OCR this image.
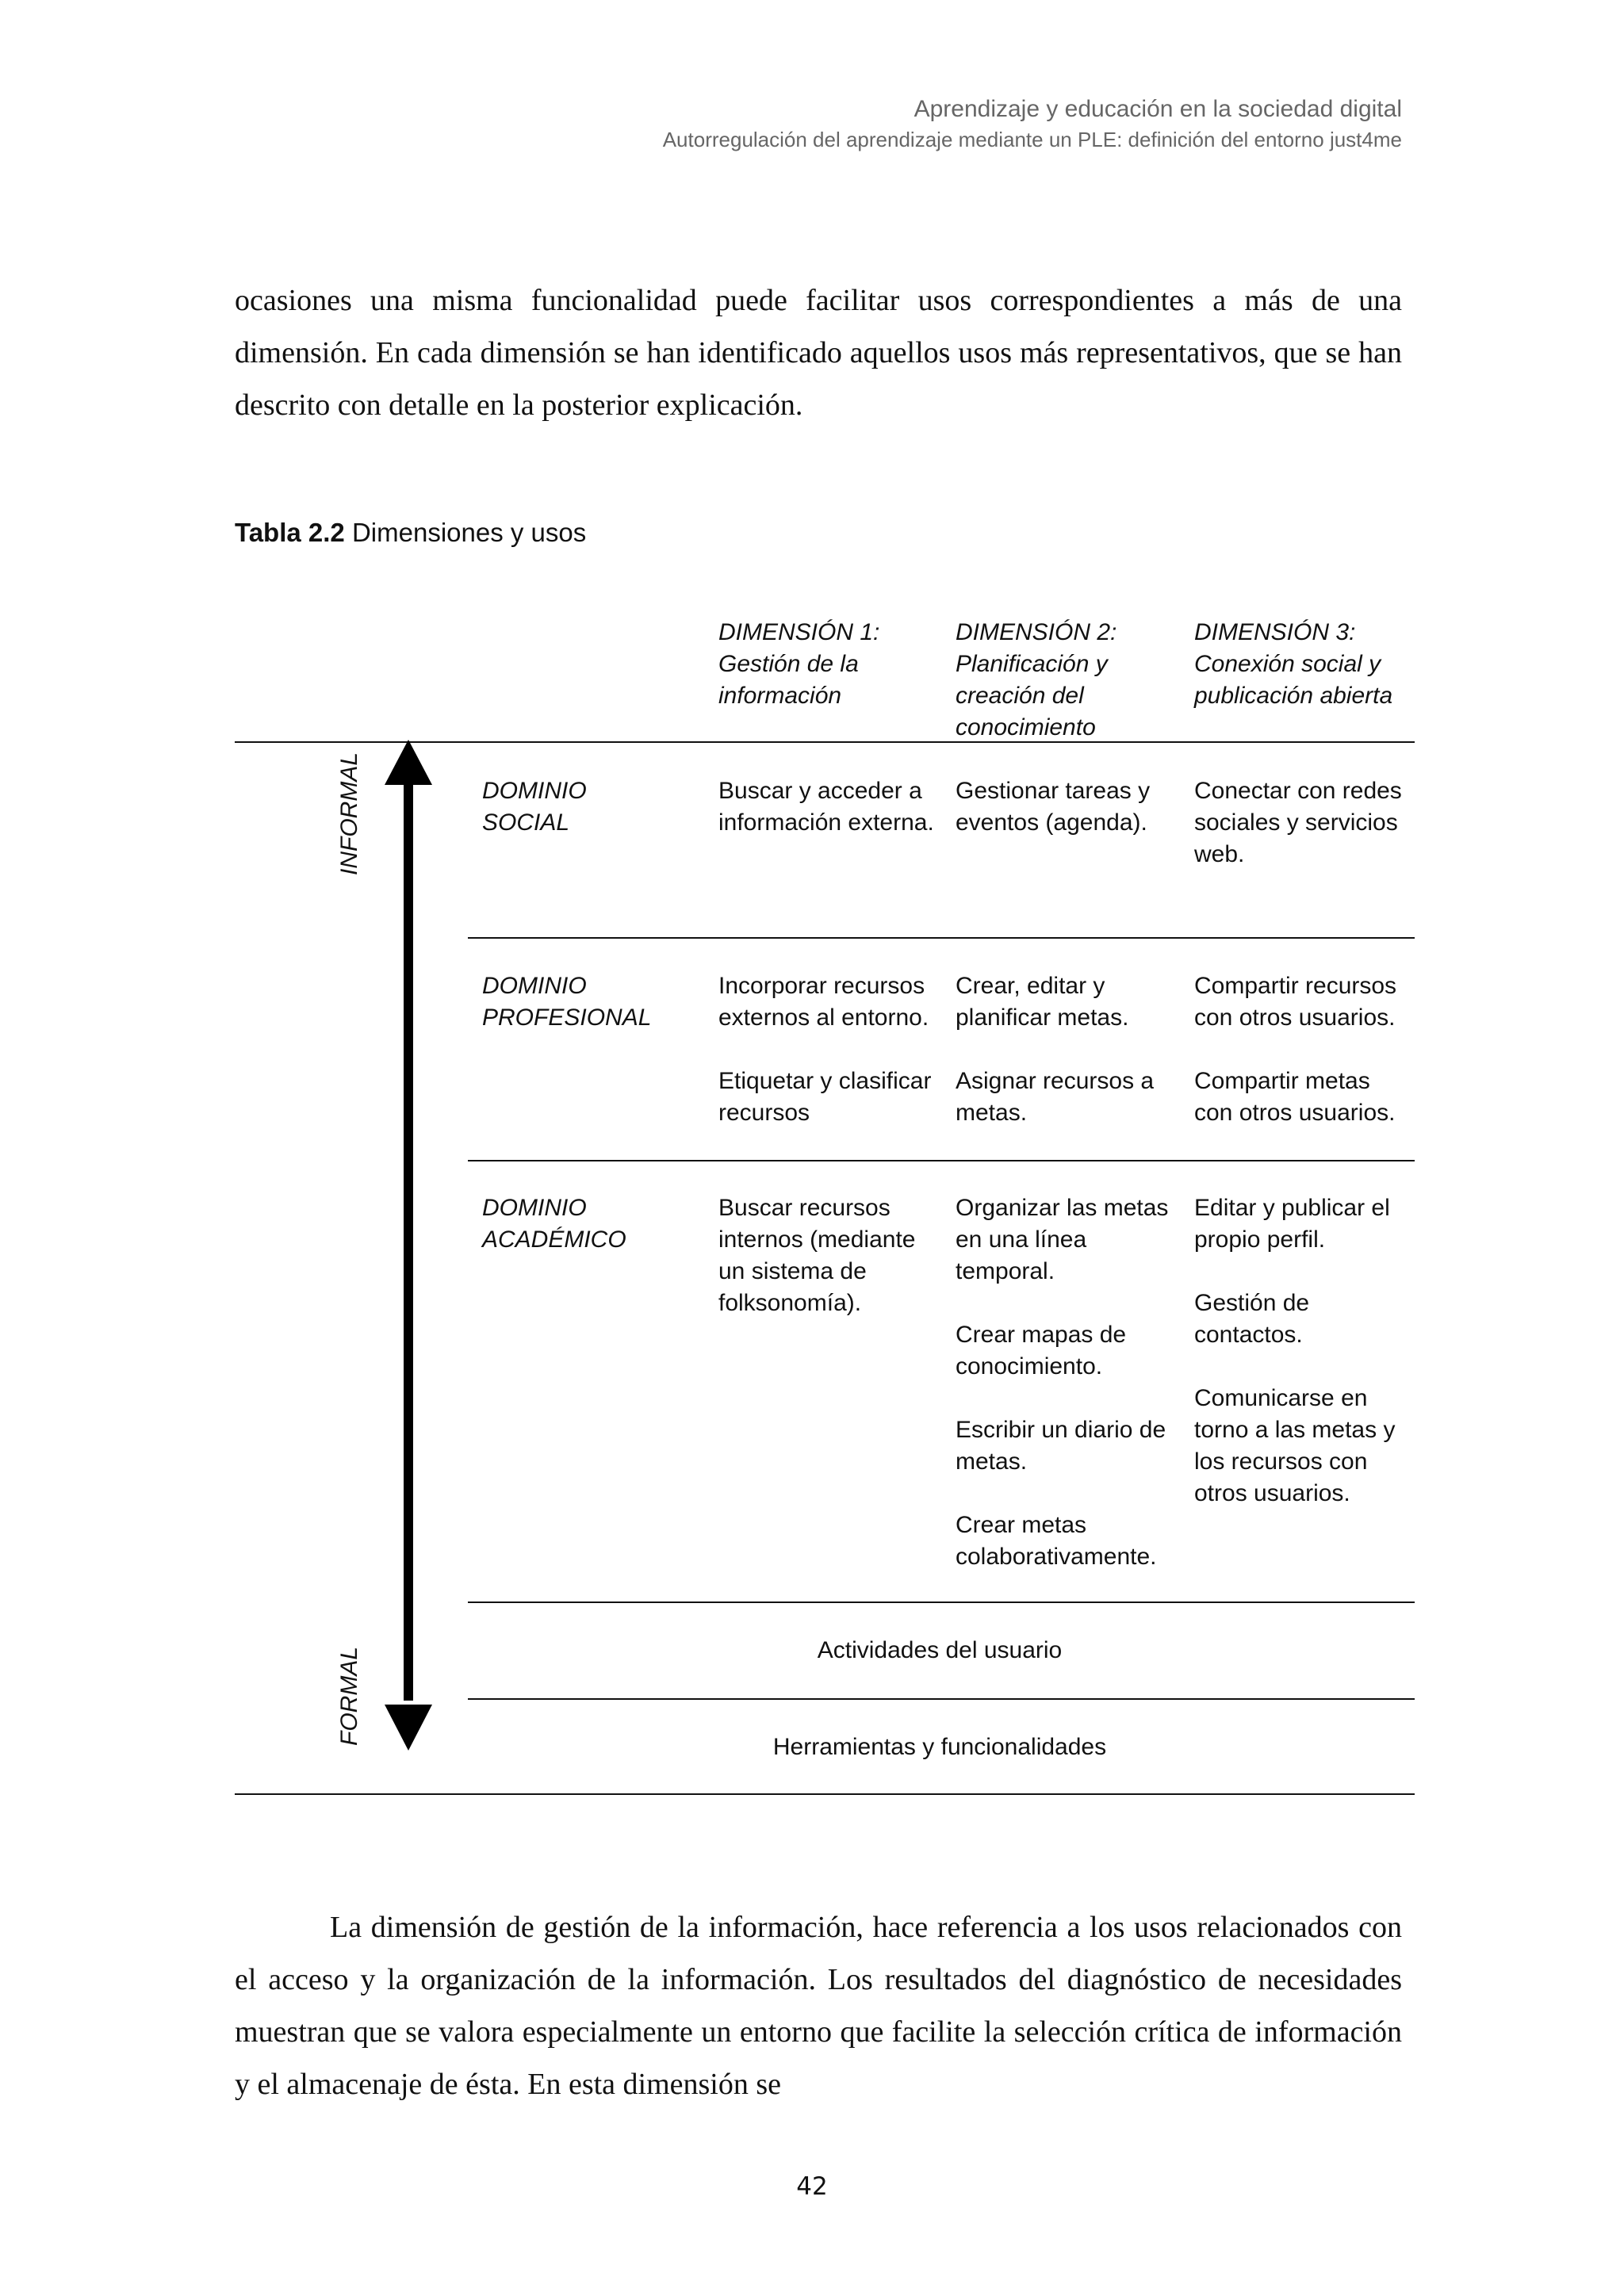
Aprendizaje y educación en la sociedad digital
Autorregulación del aprendizaje mediante un PLE: definición del entorno just4me

ocasiones una misma funcionalidad puede facilitar usos correspondientes a más de una dimensión. En cada dimensión se han identificado aquellos usos más representativos, que se han descrito con detalle en la posterior explicación.

Tabla 2.2 Dimensiones y usos
DIMENSIÓN 1:
Gestión de la
información
DIMENSIÓN 2:
Planificación y
creación del
conocimiento
DIMENSIÓN 3:
Conexión social y
publicación abierta
INFORMAL
FORMAL
DOMINIO
SOCIAL
Buscar y acceder a
información externa.
Gestionar tareas y
eventos (agenda).
Conectar con redes
sociales y servicios
web.
DOMINIO
PROFESIONAL
Incorporar recursos
externos al entorno.
Etiquetar y clasificar
recursos
Crear, editar y
planificar metas.
Asignar recursos a
metas.
Compartir recursos
con otros usuarios.
Compartir metas
con otros usuarios.
DOMINIO
ACADÉMICO
Buscar recursos
internos (mediante
un sistema de
folksonomía).
Organizar las metas
en una línea
temporal.
Crear mapas de
conocimiento.
Escribir un diario de
metas.
Crear metas
colaborativamente.
Editar y publicar el
propio perfil.
Gestión de
contactos.
Comunicarse en
torno a las metas y
los recursos con
otros usuarios.
Actividades del usuario
Herramientas y funcionalidades

La dimensión de gestión de la información, hace referencia a los usos relacionados con el acceso y la organización de la información. Los resultados del diagnóstico de necesidades muestran que se valora especialmente un entorno que facilite la selección crítica de información y el almacenaje de ésta. En esta dimensión se

42
